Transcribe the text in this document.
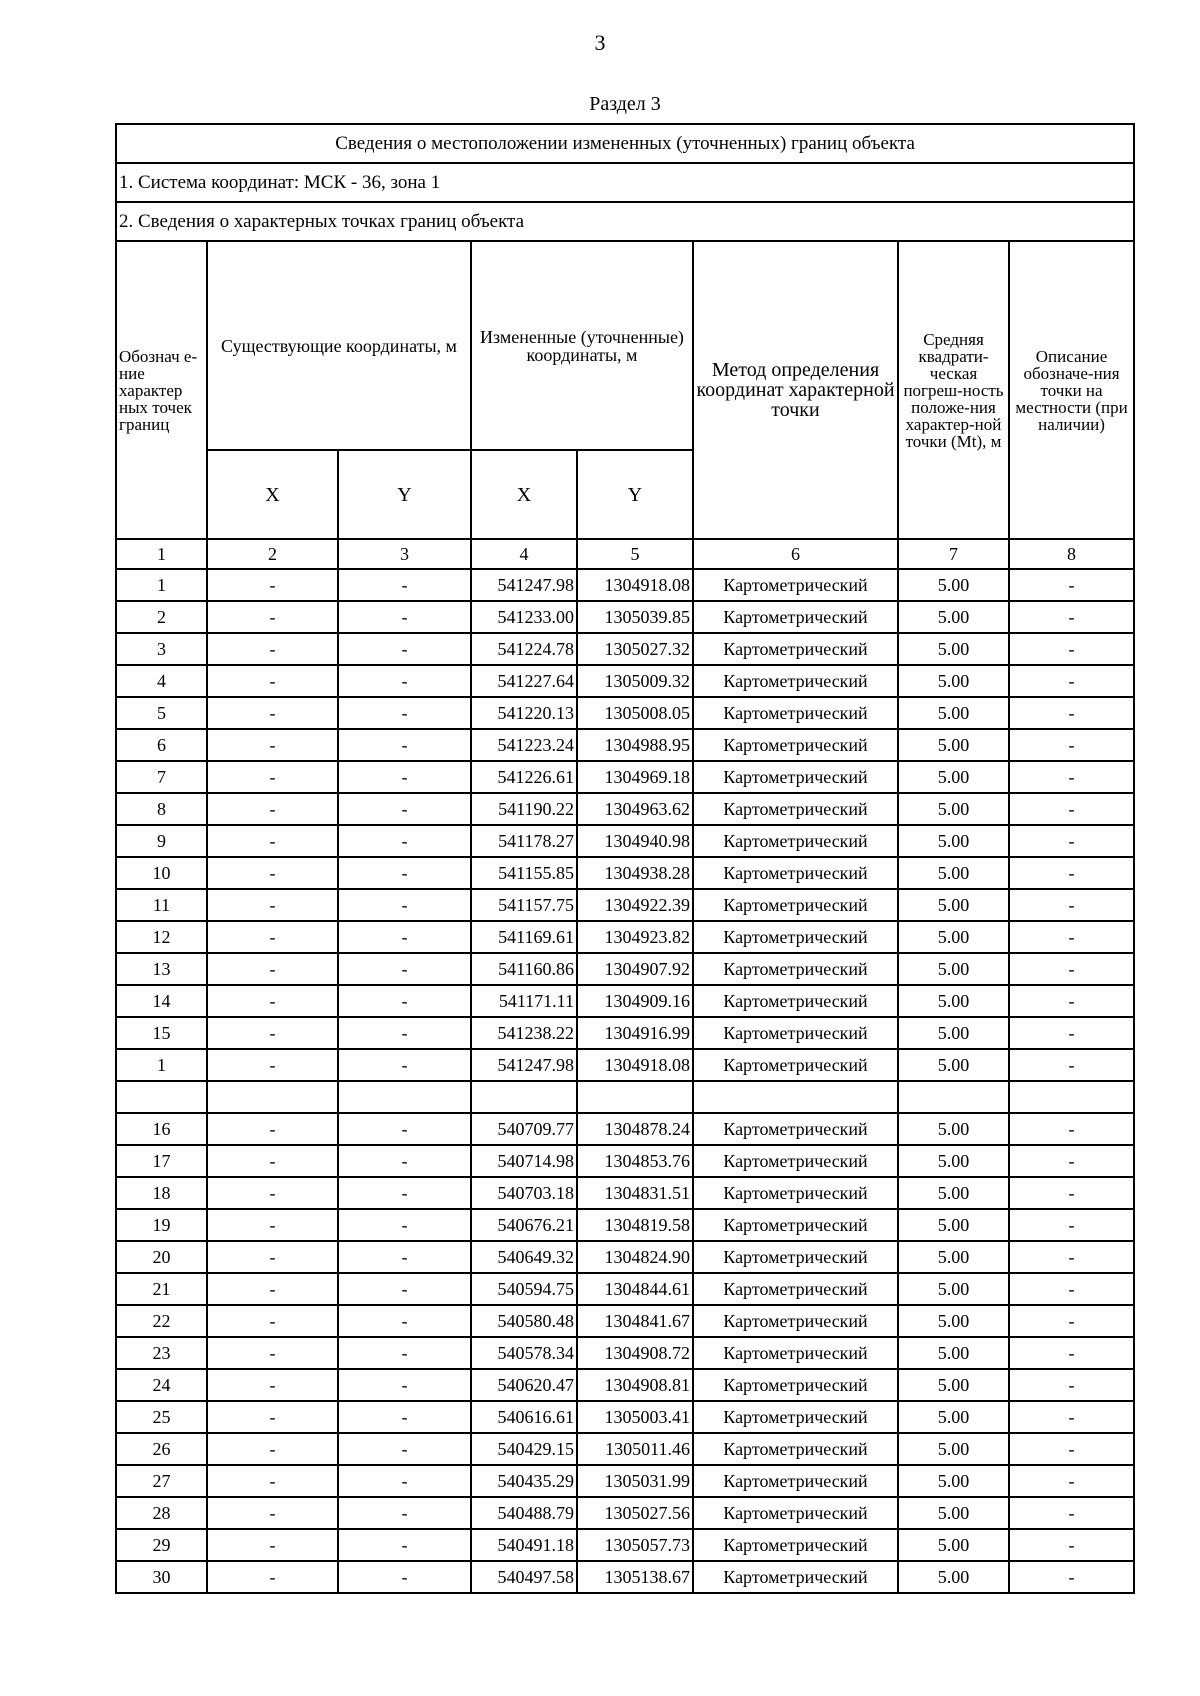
3
Раздел 3
Сведения о местоположении измененных (уточненных) границ объекта							
1. Система координат: МСК - 36, зона 1							
2. Сведения о характерных точках границ объекта							
Обознач е-ние характер ных точек границ	Существующие координаты, м		Измененные (уточненные) координаты, м		Метод определения координат характерной точки	Средняя квадрати-ческая погреш-ность положе-ния характер-ной точки (Mt), м	Описание обозначе-ния точки на местности (при наличии)
	X	Y	X	Y			
1	2	3	4	5	6	7	8
1	-	-	541247.98	1304918.08	Картометрический	5.00	-
2	-	-	541233.00	1305039.85	Картометрический	5.00	-
3	-	-	541224.78	1305027.32	Картометрический	5.00	-
4	-	-	541227.64	1305009.32	Картометрический	5.00	-
5	-	-	541220.13	1305008.05	Картометрический	5.00	-
6	-	-	541223.24	1304988.95	Картометрический	5.00	-
7	-	-	541226.61	1304969.18	Картометрический	5.00	-
8	-	-	541190.22	1304963.62	Картометрический	5.00	-
9	-	-	541178.27	1304940.98	Картометрический	5.00	-
10	-	-	541155.85	1304938.28	Картометрический	5.00	-
11	-	-	541157.75	1304922.39	Картометрический	5.00	-
12	-	-	541169.61	1304923.82	Картометрический	5.00	-
13	-	-	541160.86	1304907.92	Картометрический	5.00	-
14	-	-	541171.11	1304909.16	Картометрический	5.00	-
15	-	-	541238.22	1304916.99	Картометрический	5.00	-
1	-	-	541247.98	1304918.08	Картометрический	5.00	-

16	-	-	540709.77	1304878.24	Картометрический	5.00	-
17	-	-	540714.98	1304853.76	Картометрический	5.00	-
18	-	-	540703.18	1304831.51	Картометрический	5.00	-
19	-	-	540676.21	1304819.58	Картометрический	5.00	-
20	-	-	540649.32	1304824.90	Картометрический	5.00	-
21	-	-	540594.75	1304844.61	Картометрический	5.00	-
22	-	-	540580.48	1304841.67	Картометрический	5.00	-
23	-	-	540578.34	1304908.72	Картометрический	5.00	-
24	-	-	540620.47	1304908.81	Картометрический	5.00	-
25	-	-	540616.61	1305003.41	Картометрический	5.00	-
26	-	-	540429.15	1305011.46	Картометрический	5.00	-
27	-	-	540435.29	1305031.99	Картометрический	5.00	-
28	-	-	540488.79	1305027.56	Картометрический	5.00	-
29	-	-	540491.18	1305057.73	Картометрический	5.00	-
30	-	-	540497.58	1305138.67	Картометрический	5.00	-
